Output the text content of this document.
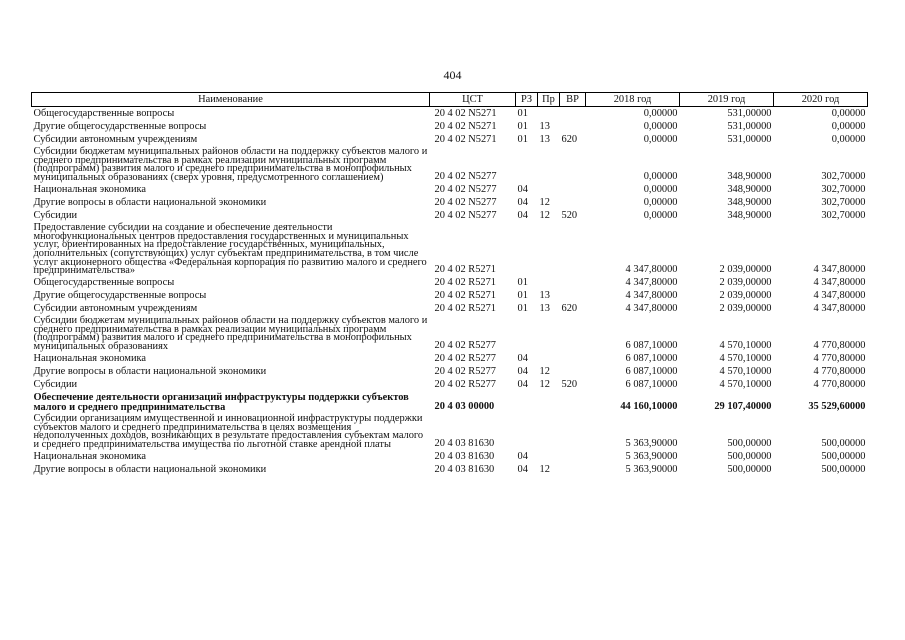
404
Наименование	ЦСТ	РЗ	Пр	ВР	2018 год	2019 год	2020 год
Общегосударственные вопросы	20 4 02 N5271	01			0,00000	531,00000	0,00000
Другие общегосударственные вопросы	20 4 02 N5271	01	13		0,00000	531,00000	0,00000
Субсидии автономным учреждениям	20 4 02 N5271	01	13	620	0,00000	531,00000	0,00000
Субсидии бюджетам муниципальных районов области на поддержку субъектов малого и среднего предпринимательства в рамках реализации муниципальных программ (подпрограмм) развития малого и среднего предпринимательства в монопрофильных муниципальных образованиях (сверх уровня, предусмотренного соглашением)	20 4 02 N5277				0,00000	348,90000	302,70000
Национальная экономика	20 4 02 N5277	04			0,00000	348,90000	302,70000
Другие вопросы в области национальной экономики	20 4 02 N5277	04	12		0,00000	348,90000	302,70000
Субсидии	20 4 02 N5277	04	12	520	0,00000	348,90000	302,70000
Предоставление субсидии на создание и обеспечение деятельности многофункциональных центров предоставления государственных и муниципальных услуг, ориентированных на предоставление государственных, муниципальных, дополнительных (сопутствующих) услуг субъектам предпринимательства, в том числе услуг акционерного общества «Федеральная корпорация по развитию малого и среднего предпринимательства»	20 4 02 R5271				4 347,80000	2 039,00000	4 347,80000
Общегосударственные вопросы	20 4 02 R5271	01			4 347,80000	2 039,00000	4 347,80000
Другие общегосударственные вопросы	20 4 02 R5271	01	13		4 347,80000	2 039,00000	4 347,80000
Субсидии автономным учреждениям	20 4 02 R5271	01	13	620	4 347,80000	2 039,00000	4 347,80000
Субсидии бюджетам муниципальных районов области на поддержку субъектов малого и среднего предпринимательства в рамках реализации муниципальных программ (подпрограмм) развития малого и среднего предпринимательства в монопрофильных муниципальных образованиях	20 4 02 R5277				6 087,10000	4 570,10000	4 770,80000
Национальная экономика	20 4 02 R5277	04			6 087,10000	4 570,10000	4 770,80000
Другие вопросы в области национальной экономики	20 4 02 R5277	04	12		6 087,10000	4 570,10000	4 770,80000
Субсидии	20 4 02 R5277	04	12	520	6 087,10000	4 570,10000	4 770,80000
Обеспечение деятельности организаций инфраструктуры поддержки субъектов малого и среднего предпринимательства	20 4 03 00000				44 160,10000	29 107,40000	35 529,60000
Субсидии организациям имущественной и инновационной инфраструктуры поддержки субъектов малого и среднего предпринимательства в целях возмещения недополученных доходов, возникающих в результате предоставления субъектам малого и среднего предпринимательства имущества по льготной ставке арендной платы	20 4 03 81630				5 363,90000	500,00000	500,00000
Национальная экономика	20 4 03 81630	04			5 363,90000	500,00000	500,00000
Другие вопросы в области национальной экономики	20 4 03 81630	04	12		5 363,90000	500,00000	500,00000
